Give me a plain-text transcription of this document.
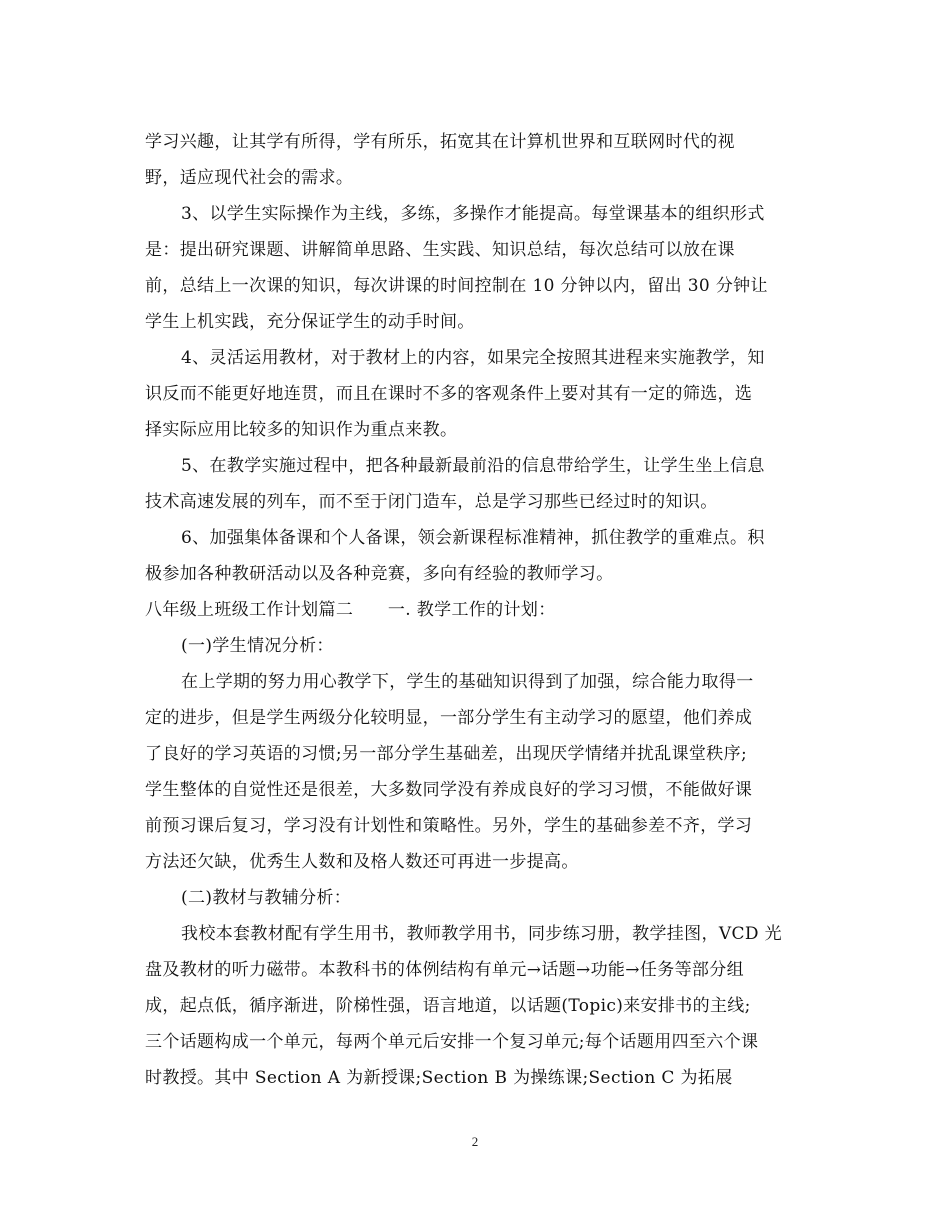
学习兴趣，让其学有所得，学有所乐，拓宽其在计算机世界和互联网时代的视
野，适应现代社会的需求。
3、以学生实际操作为主线，多练，多操作才能提高。每堂课基本的组织形式
是：提出研究课题、讲解简单思路、生实践、知识总结，每次总结可以放在课
前，总结上一次课的知识，每次讲课的时间控制在 10 分钟以内，留出 30 分钟让
学生上机实践，充分保证学生的动手时间。
4、灵活运用教材，对于教材上的内容，如果完全按照其进程来实施教学，知
识反而不能更好地连贯，而且在课时不多的客观条件上要对其有一定的筛选，选
择实际应用比较多的知识作为重点来教。
5、在教学实施过程中，把各种最新最前沿的信息带给学生，让学生坐上信息
技术高速发展的列车，而不至于闭门造车，总是学习那些已经过时的知识。
6、加强集体备课和个人备课，领会新课程标准精神，抓住教学的重难点。积
极参加各种教研活动以及各种竞赛，多向有经验的教师学习。
八年级上班级工作计划篇二　　一. 教学工作的计划：
(一)学生情况分析：
在上学期的努力用心教学下，学生的基础知识得到了加强，综合能力取得一
定的进步，但是学生两级分化较明显，一部分学生有主动学习的愿望，他们养成
了良好的学习英语的习惯;另一部分学生基础差，出现厌学情绪并扰乱课堂秩序;
学生整体的自觉性还是很差，大多数同学没有养成良好的学习习惯，不能做好课
前预习课后复习，学习没有计划性和策略性。另外，学生的基础参差不齐，学习
方法还欠缺，优秀生人数和及格人数还可再进一步提高。
(二)教材与教辅分析：
我校本套教材配有学生用书，教师教学用书，同步练习册，教学挂图，VCD 光
盘及教材的听力磁带。本教科书的体例结构有单元→话题→功能→任务等部分组
成，起点低，循序渐进，阶梯性强，语言地道，以话题(Topic)来安排书的主线;
三个话题构成一个单元，每两个单元后安排一个复习单元;每个话题用四至六个课
时教授。其中 Section A 为新授课;Section B 为操练课;Section C 为拓展
2
